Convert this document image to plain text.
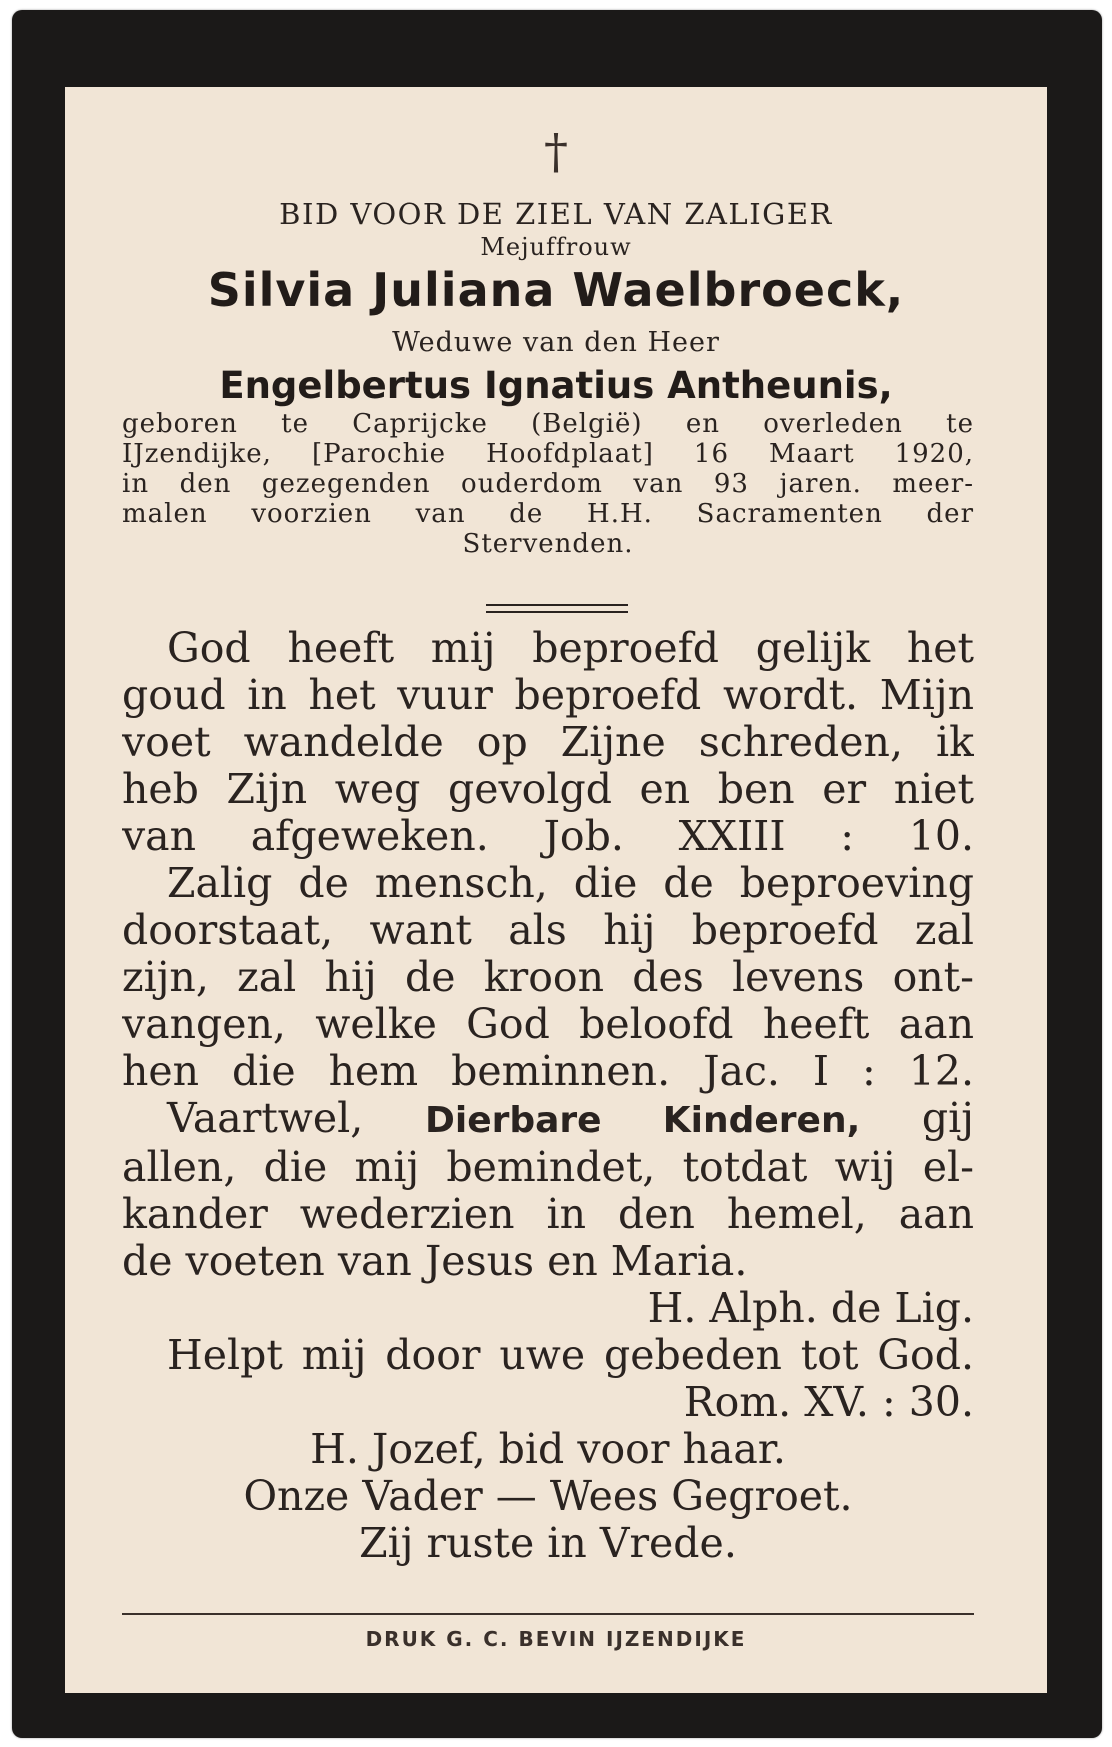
†
BID VOOR DE ZIEL VAN ZALIGER
Mejuffrouw
Silvia Juliana Waelbroeck,
Weduwe van den Heer
Engelbertus Ignatius Antheunis,
geboren te Caprijcke (België) en overleden te
IJzendijke, [Parochie Hoofdplaat] 16 Maart 1920,
in den gezegenden ouderdom van 93 jaren. meer-
malen voorzien van de H.H. Sacramenten der
Stervenden.
God heeft mij beproefd gelijk het
goud in het vuur beproefd wordt. Mijn
voet wandelde op Zijne schreden, ik
heb Zijn weg gevolgd en ben er niet
van afgeweken. Job. XXIII : 10.
Zalig de mensch, die de beproeving
doorstaat, want als hij beproefd zal
zijn, zal hij de kroon des levens ont-
vangen, welke God beloofd heeft aan
hen die hem beminnen. Jac. I : 12.
Vaartwel, Dierbare Kinderen, gij
allen, die mij bemindet, totdat wij el-
kander wederzien in den hemel, aan
de voeten van Jesus en Maria.
H. Alph. de Lig.
Helpt mij door uwe gebeden tot God.
Rom. XV. : 30.
H. Jozef, bid voor haar.
Onze Vader — Wees Gegroet.
Zij ruste in Vrede.
DRUK G. C. BEVIN IJZENDIJKE
